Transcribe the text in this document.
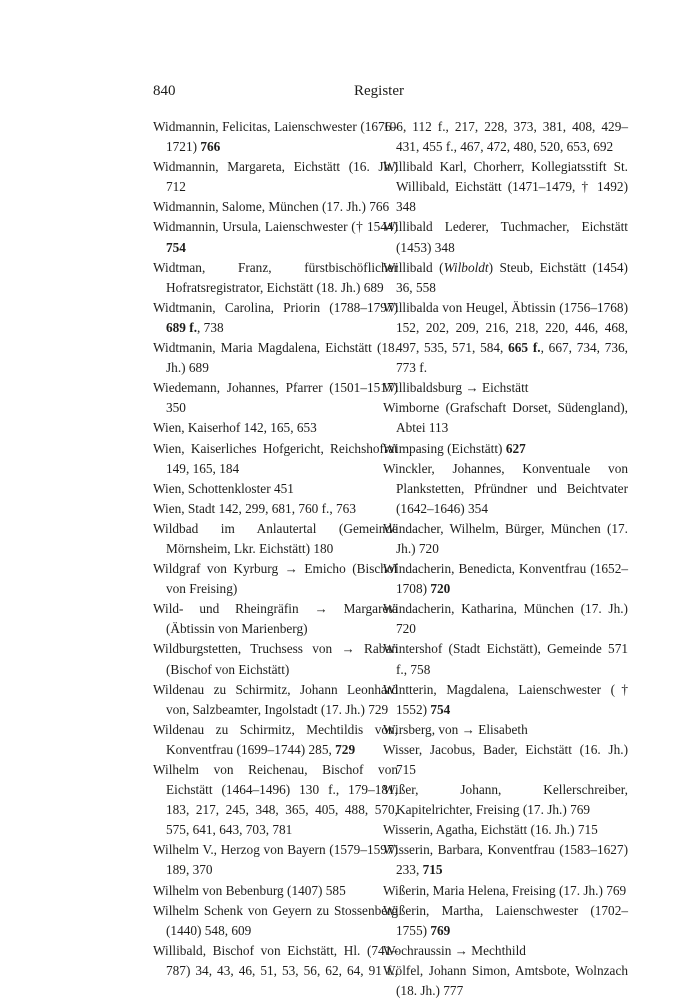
840	Register

Widmannin, Felicitas, Laienschwester (1676–1721) 766

Widmannin, Margareta, Eichstätt (16. Jh.) 712

Widmannin, Salome, München (17. Jh.) 766

Widmannin, Ursula, Laienschwester († 1544) 754

Widtman, Franz, fürstbischöflicher Hofratsregistrator, Eichstätt (18. Jh.) 689

Widtmanin, Carolina, Priorin (1788–1797) 689 f., 738

Widtmanin, Maria Magdalena, Eichstätt (18. Jh.) 689

Wiedemann, Johannes, Pfarrer (1501–1517) 350

Wien, Kaiserhof 142, 165, 653

Wien, Kaiserliches Hofgericht, Reichshofrat 149, 165, 184

Wien, Schottenkloster 451

Wien, Stadt 142, 299, 681, 760 f., 763

Wildbad im Anlautertal (Gemeinde Mörnsheim, Lkr. Eichstätt) 180

Wildgraf von Kyrburg → Emicho (Bischof von Freising)

Wild- und Rheingräfin → Margareta (Äbtissin von Marienberg)

Wildburgstetten, Truchsess von → Raban (Bischof von Eichstätt)

Wildenau zu Schirmitz, Johann Leonhard von, Salzbeamter, Ingolstadt (17. Jh.) 729

Wildenau zu Schirmitz, Mechtildis von, Konventfrau (1699–1744) 285, 729

Wilhelm von Reichenau, Bischof von Eichstätt (1464–1496) 130 f., 179–181, 183, 217, 245, 348, 365, 405, 488, 570, 575, 641, 643, 703, 781

Wilhelm V., Herzog von Bayern (1579–1597) 189, 370

Wilhelm von Bebenburg (1407) 585

Wilhelm Schenk von Geyern zu Stossenberg (1440) 548, 609

Willibald, Bischof von Eichstätt, Hl. (741–787) 34, 43, 46, 51, 53, 56, 62, 64, 91 f.,

106, 112 f., 217, 228, 373, 381, 408, 429–431, 455 f., 467, 472, 480, 520, 653, 692

Willibald Karl, Chorherr, Kollegiatsstift St. Willibald, Eichstätt (1471–1479, † 1492) 348

Willibald Lederer, Tuchmacher, Eichstätt (1453) 348

Willibald (Wilboldt) Steub, Eichstätt (1454) 36, 558

Willibalda von Heugel, Äbtissin (1756–1768) 152, 202, 209, 216, 218, 220, 446, 468, 497, 535, 571, 584, 665 f., 667, 734, 736, 773 f.

Willibaldsburg → Eichstätt

Wimborne (Grafschaft Dorset, Südengland), Abtei 113

Wimpasing (Eichstätt) 627

Winckler, Johannes, Konventuale von Plankstetten, Pfründner und Beichtvater (1642–1646) 354

Windacher, Wilhelm, Bürger, München (17. Jh.) 720

Windacherin, Benedicta, Konventfrau (1652–1708) 720

Windacherin, Katharina, München (17. Jh.) 720

Wintershof (Stadt Eichstätt), Gemeinde 571 f., 758

Wintterin, Magdalena, Laienschwester († 1552) 754

Wirsberg, von → Elisabeth

Wisser, Jacobus, Bader, Eichstätt (16. Jh.) 715

Wißer, Johann, Kellerschreiber, Kapitelrichter, Freising (17. Jh.) 769

Wisserin, Agatha, Eichstätt (16. Jh.) 715

Wisserin, Barbara, Konventfrau (1583–1627) 233, 715

Wißerin, Maria Helena, Freising (17. Jh.) 769

Wißerin, Martha, Laienschwester (1702–1755) 769

Wochraussin → Mechthild

Wölfel, Johann Simon, Amtsbote, Wolnzach (18. Jh.) 777
